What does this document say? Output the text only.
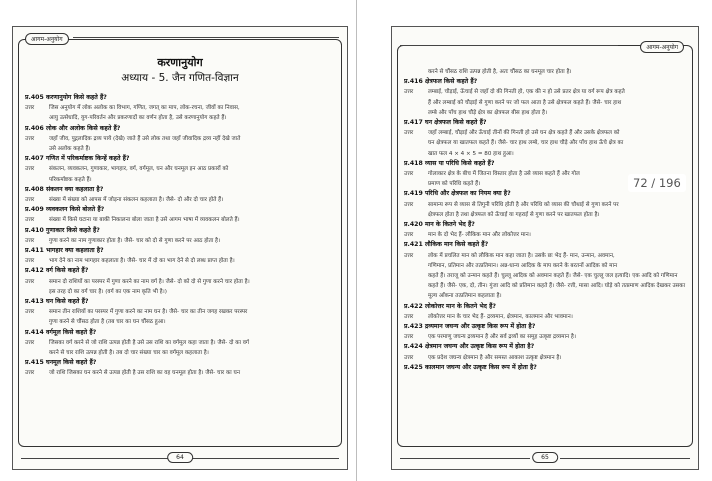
आगम-अनुयोग
करणानुयोग
अध्याय - 5. जैन गणित-विज्ञान
प्र.405 करणानुयोग किसे कहते हैं?
उत्तर	जिस अनुयोग में लोक अलोक का विभाग, गणित, जगत् का माप, लोक-रचना, जीवों का निवास,
आयु उत्सेधादि, युग-परिवर्तन और प्रकरणादों का वर्णन होता है, उसे करणानुयोग कहते हैं।
प्र.406 लोक और अलोक किसे कहते हैं?
उत्तर	जहाँ जीव, पुद्गलादिक द्रव्य पाये (देखे) जाते हैं उसे लोक तथा जहाँ जीवादिक द्रव्य नहीं देखे जाते
उसे अलोक कहते हैं।
प्र.407 गणित में परिकर्माष्टक किन्हें कहते हैं?
उत्तर	संकलन, व्यवकलन, गुणाकार, भागहार, वर्ग, वर्गमूल, घन और घनमूल इन आठ प्रकारों को
परिकर्माष्टक कहते हैं।
प्र.408 संकलन क्या कहलाता है?
उत्तर	संख्या में संख्या को आपस में जोड़ना संकलन कहलाता है। जैसे- दो और दो चार होते हैं।
प्र.409 व्यवकलन किसे बोलते हैं?
उत्तर	संख्या में किसे घटाना या बाकी निकालना बोला जाता है उसे आगम भाषा में व्यवकलन बोलते हैं।
प्र.410 गुणाकार किसे कहते हैं?
उत्तर	गुणा करने का नाम गुणाकार होता है। जैसे- चार को दो से गुणा करने पर आठ होता है।
प्र.411 भागहार क्या कहलाता है?
उत्तर	भाग देने का नाम भागहार कहलाता है। जैसे- चार में दो का भाग देने से दो लब्ध प्राप्त होता है।
प्र.412 वर्ग किसे कहते हैं?
उत्तर	समान दो राशियों का परस्पर में गुणा करने का नाम वर्ग है। जैसे- दो को दो से गुणा करने चार होता है।
इस तरह दो का वर्ग चार है। (वर्ग का एक नाम कृति भी है।)
प्र.413 घन किसे कहते हैं?
उत्तर	समान तीन राशियों का परस्पर में गुणा करने का नाम घन है। जैसे- चार का तीन जगह रखकर परस्पर
गुणा करने से चौंसठ होता है (तब चार का घन चौंसठ हुआ।
प्र.414 वर्गमूल किसे कहते हैं?
उत्तर	जिसका वर्ग करने से जो राशि उत्पन्न होती है उसे उस राशि का वर्गमूल कहा जाता है। जैसे- दो का वर्ग
करने से चार राशि उत्पन्न होती है। तब दो चार संख्या चार का वर्गमूल कहलाता है।
प्र.415 घनमूल किसे कहते हैं?
उत्तर	जो राशि जिसका घन करने से उत्पन्न होती है उस राशि का वह घनमूल होता है। जैसे- चार का घन
64
आगम-अनुयोग
करने से चौंसठ राशि उत्पन्न होती है, अतः चौंसठ का घनमूल चार होता है।
प्र.416 क्षेत्रफल किसे कहते हैं?
उत्तर	लम्बाई, चौड़ाई, ऊँचाई से जहाँ दो की गिनती हो, एक की न हो उसे प्रतर क्षेत्र या वर्ग रूप क्षेत्र कहते
हैं और लम्बाई को चौड़ाई से गुणा करने पर जो फल आता है उसे क्षेत्रफल कहते हैं। जैसे- चार हाथ
लम्बे और पाँच हाथ चौड़े क्षेत्र का क्षेत्रफल बीस हाथ होता है।
प्र.417 घन क्षेत्रफल किसे कहते हैं?
उत्तर	जहाँ लम्बाई, चौड़ाई और ऊँचाई तीनों की गिनती हो उसे घन क्षेत्र कहते हैं और उसके क्षेत्रफल को
घन क्षेत्रफल या खातफल कहते हैं। जैसे- चार हाथ लम्बे, चार हाथ चौड़े और पाँच हाथ ऊँचे क्षेत्र का
खात फल 4 × 4 × 5 = 80 हाथ हुआ।
प्र.418 व्यास या परिधि किसे कहते हैं?
उत्तर	गोलाकार क्षेत्र के बीच में जितना विस्तार होता है उसे व्यास कहते हैं और गोल
प्रमाण को परिधि कहते हैं।
प्र.419 परिधि और क्षेत्रफल का नियम क्या है?
उत्तर	सामान्य रूप से व्यास से तिगुनी परिधि होती है और परिधि को व्यास की चौथाई से गुणा करने पर
क्षेत्रफल होता है तथा क्षेत्रफल को ऊँचाई या गहराई से गुणा करने पर खातफल होता है।
प्र.420 मान के कितने भेद हैं?
उत्तर	मान के दो भेद हैं- लौकिक मान और लोकोत्तर मान।
प्र.421 लौकिक मान किसे कहते हैं?
उत्तर	लोक में प्रचलित मान को लौकिक मान कहा जाता है। उसके छः भेद हैं- मान, उन्मान, अवमान,
गणिमान, प्रतिमान और तत्प्रतिमान। अन्न-धान्य आदिक के माप करने के बरतनों आदिक को मान
कहते हैं। तराजू को उन्मान कहते हैं। चुल्लू आदिक को अवमान कहते हैं। जैसे- एक चुल्लू जल इत्यादि। एक आदि को गणिमान कहते हैं। जैसे- एक, दो, तीन। गुंजा आदि को प्रतिमान कहते हैं। जैसे- रत्ती, मासा आदि। घोड़े को तत्प्रमाण आदिक देखकर उसका मूल्य आँकना तत्प्रतिमान कहलाता है।
प्र.422 लोकोत्तर मान के कितने भेद हैं?
उत्तर	लोकोत्तर मान के चार भेद हैं- द्रव्यमान, क्षेत्रमान, कालमान और भावमान।
प्र.423 द्रव्यमान जघन्य और उत्कृष्ट किस रूप में होता है?
उत्तर	एक परमाणु जघन्य द्रव्यमान है और सर्व द्रव्यों का समूह उत्कृष्ट द्रव्यमान है।
प्र.424 क्षेत्रमान जघन्य और उत्कृष्ट किस रूप में होता है?
उत्तर	एक प्रदेश जघन्य क्षेत्रमान है और समस्त आकाश उत्कृष्ट क्षेत्रमान है।
प्र.425 कालमान जघन्य और उत्कृष्ट किस रूप में होता है?
65
72 / 196
